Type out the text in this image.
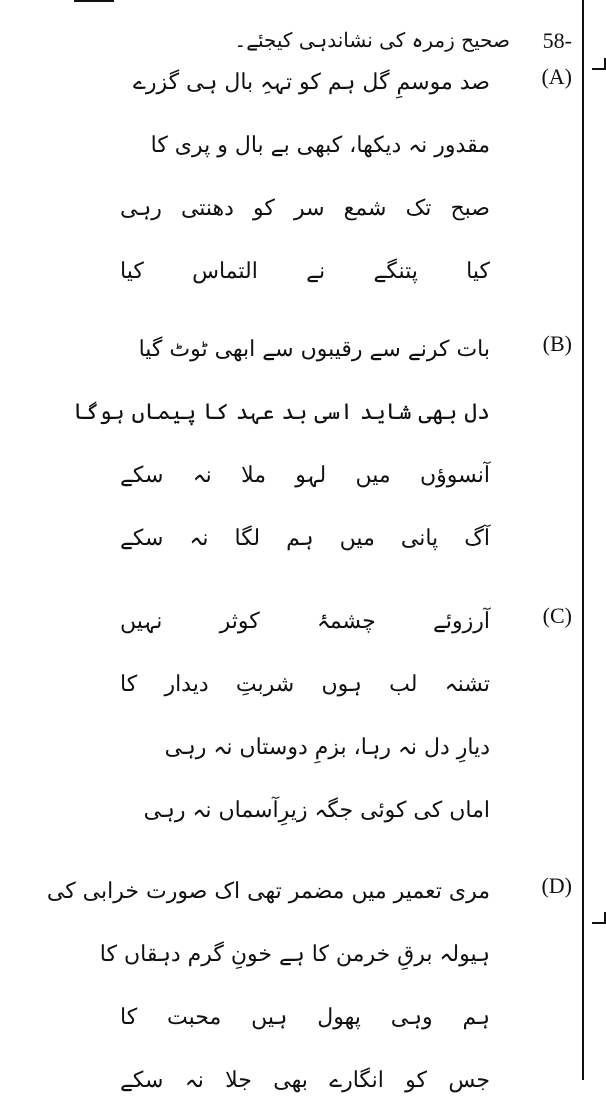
58-
صحیح زمرہ کی نشاندہی کیجئے۔
(A)
صد موسمِ گل ہم کو تہہِ بال ہی گزرے
مقدور نہ دیکھا، کبھی بے بال و پری کا
صبح تک شمع سر کو دھنتی رہی
کیا پتنگے نے التماس کیا
(B)
بات کرنے سے رقیبوں سے ابھی ٹوٹ گیا
دل بھی شاید اسی بد عہد کا پیماں ہوگا
آنسوؤں میں لہو ملا نہ سکے
آگ پانی میں ہم لگا نہ سکے
(C)
آرزوئے چشمۂ کوثر نہیں
تشنہ لب ہوں شربتِ دیدار کا
دیارِ دل نہ رہا، بزمِ دوستاں نہ رہی
اماں کی کوئی جگہ زیرِآسماں نہ رہی
(D)
مری تعمیر میں مضمر تھی اک صورت خرابی کی
ہیولہ برقِ خرمن کا ہے خونِ گرم دہقاں کا
ہم وہی پھول ہیں محبت کا
جس کو انگارے بھی جلا نہ سکے
